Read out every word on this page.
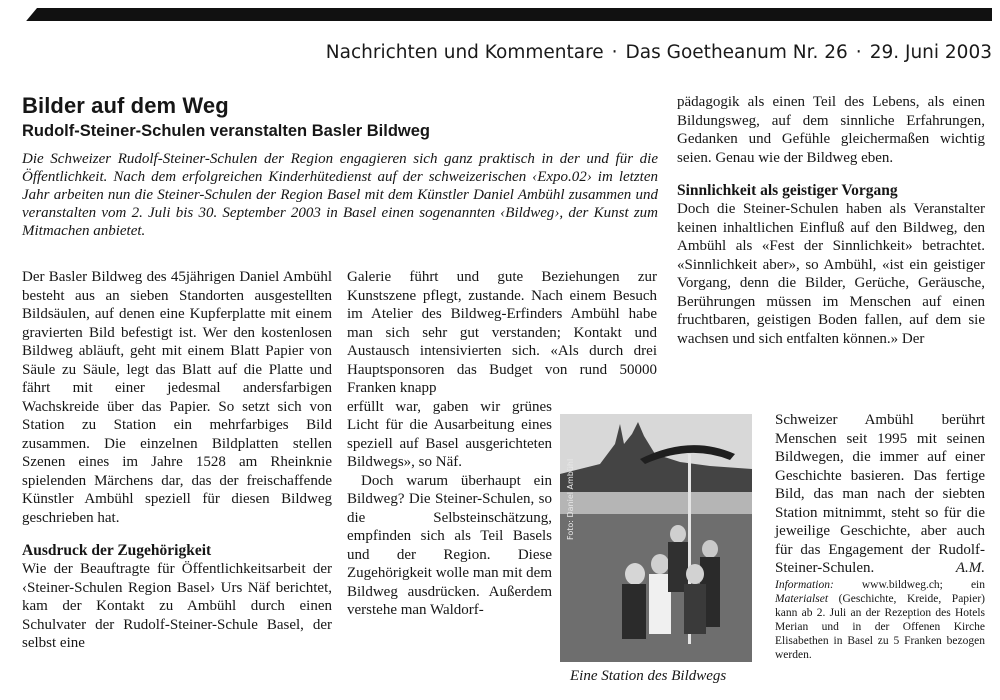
Nachrichten und Kommentare · Das Goetheanum Nr. 26 · 29. Juni 2003
Bilder auf dem Weg
Rudolf-Steiner-Schulen veranstalten Basler Bildweg

Die Schweizer Rudolf-Steiner-Schulen der Region engagieren sich ganz praktisch in der und für die Öffentlichkeit. Nach dem erfolgreichen Kinderhütedienst auf der schweizerischen ‹Expo.02› im letzten Jahr arbeiten nun die Steiner-Schulen der Region Basel mit dem Künstler Daniel Ambühl zusammen und veranstalten vom 2. Juli bis 30. September 2003 in Basel einen sogenannten ‹Bildweg›, der Kunst zum Mitmachen anbietet.

Der Basler Bildweg des 45jährigen Daniel Ambühl besteht aus an sieben Standorten ausgestellten Bildsäulen, auf denen eine Kupferplatte mit einem gravierten Bild befestigt ist. Wer den kostenlosen Bildweg abläuft, geht mit einem Blatt Papier von Säule zu Säule, legt das Blatt auf die Platte und fährt mit einer jedesmal andersfarbigen Wachskreide über das Papier. So setzt sich von Station zu Station ein mehrfarbiges Bild zusammen. Die einzelnen Bildplatten stellen Szenen eines im Jahre 1528 am Rheinknie spielenden Märchens dar, das der freischaffende Künstler Ambühl speziell für diesen Bildweg geschrieben hat.

Ausdruck der Zugehörigkeit

Wie der Beauftragte für Öffentlichkeitsarbeit der ‹Steiner-Schulen Region Basel› Urs Näf berichtet, kam der Kontakt zu Ambühl durch einen Schulvater der Rudolf-Steiner-Schule Basel, der selbst eine

Galerie führt und gute Beziehungen zur Kunstszene pflegt, zustande. Nach einem Besuch im Atelier des Bildweg-Erfinders Ambühl habe man sich sehr gut verstanden; Kontakt und Austausch intensivierten sich. «Als durch drei Hauptsponsoren das Budget von rund 50000 Franken knapp

erfüllt war, gaben wir grünes Licht für die Ausarbeitung eines speziell auf Basel ausgerichteten Bildwegs», so Näf.

Doch warum überhaupt ein Bildweg? Die Steiner-Schulen, so die Selbsteinschätzung, empfinden sich als Teil Basels und der Region. Diese Zugehörigkeit wolle man mit dem Bildweg ausdrücken. Außerdem verstehe man Waldorf-

pädagogik als einen Teil des Lebens, als einen Bildungsweg, auf dem sinnliche Erfahrungen, Gedanken und Gefühle gleichermaßen wichtig seien. Genau wie der Bildweg eben.

Sinnlichkeit als geistiger Vorgang

Doch die Steiner-Schulen haben als Veranstalter keinen inhaltlichen Einfluß auf den Bildweg, den Ambühl als «Fest der Sinnlichkeit» betrachtet. «Sinnlichkeit aber», so Ambühl, «ist ein geistiger Vorgang, denn die Bilder, Gerüche, Geräusche, Berührungen müssen im Menschen auf einen fruchtbaren, geistigen Boden fallen, auf dem sie wachsen und sich entfalten können.» Der

Schweizer Ambühl berührt Menschen seit 1995 mit seinen Bildwegen, die immer auf einer Geschichte basieren. Das fertige Bild, das man nach der siebten Station mitnimmt, steht so für die jeweilige Geschichte, aber auch für das Engagement der Rudolf-Steiner-Schulen.	A.M.

Information: www.bildweg.ch; ein Materialset (Geschichte, Kreide, Papier) kann ab 2. Juli an der Rezeption des Hotels Merian und in der Offenen Kirche Elisabethen in Basel zu 5 Franken bezogen werden.

Foto: Daniel Ambühl
Eine Station des Bildwegs
